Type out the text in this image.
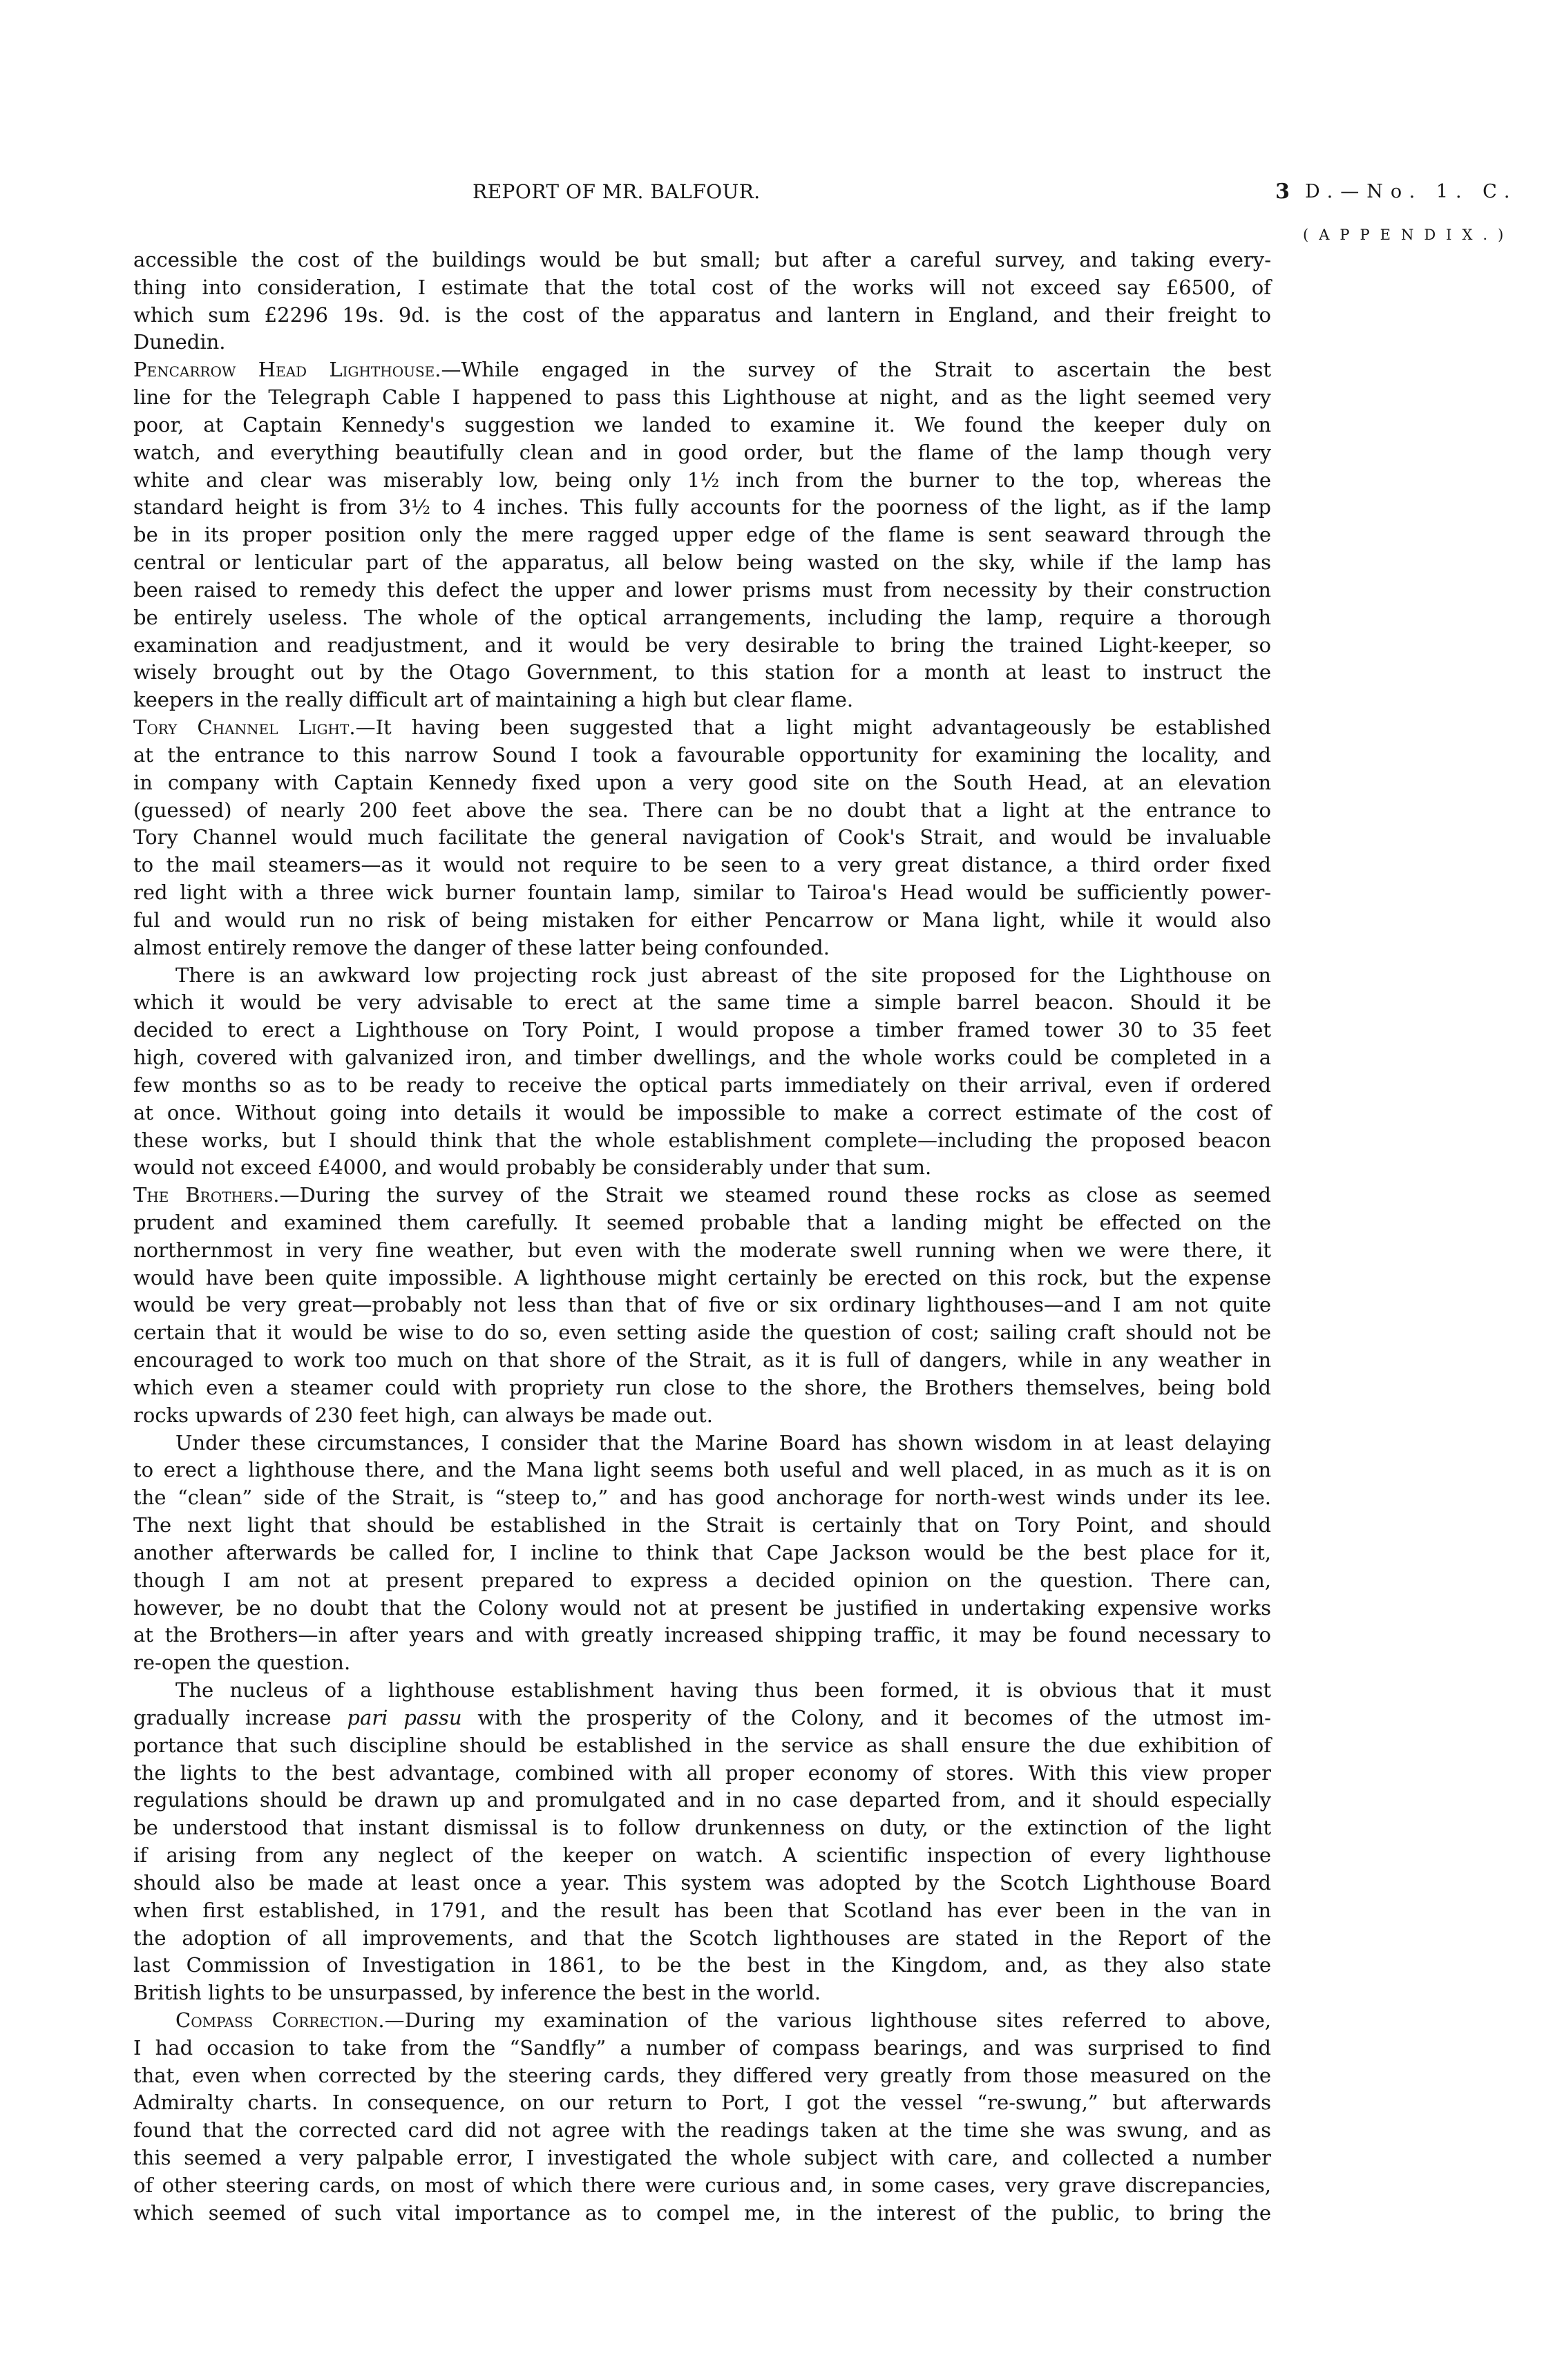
REPORT OF MR. BALFOUR.	3 D.—No. 1. C.
(APPENDIX.)
accessible the cost of the buildings would be but small; but after a careful survey, and taking every-
thing into consideration, I estimate that the total cost of the works will not exceed say £6500, of
which sum £2296 19s. 9d. is the cost of the apparatus and lantern in England, and their freight to
Dunedin.
Pencarrow Head Lighthouse.—While engaged in the survey of the Strait to ascertain the best
line for the Telegraph Cable I happened to pass this Lighthouse at night, and as the light seemed very
poor, at Captain Kennedy's suggestion we landed to examine it. We found the keeper duly on
watch, and everything beautifully clean and in good order, but the flame of the lamp though very
white and clear was miserably low, being only 1½ inch from the burner to the top, whereas the
standard height is from 3½ to 4 inches. This fully accounts for the poorness of the light, as if the lamp
be in its proper position only the mere ragged upper edge of the flame is sent seaward through the
central or lenticular part of the apparatus, all below being wasted on the sky, while if the lamp has
been raised to remedy this defect the upper and lower prisms must from necessity by their construction
be entirely useless. The whole of the optical arrangements, including the lamp, require a thorough
examination and readjustment, and it would be very desirable to bring the trained Light-keeper, so
wisely brought out by the Otago Government, to this station for a month at least to instruct the
keepers in the really difficult art of maintaining a high but clear flame.
Tory Channel Light.—It having been suggested that a light might advantageously be established
at the entrance to this narrow Sound I took a favourable opportunity for examining the locality, and
in company with Captain Kennedy fixed upon a very good site on the South Head, at an elevation
(guessed) of nearly 200 feet above the sea. There can be no doubt that a light at the entrance to
Tory Channel would much facilitate the general navigation of Cook's Strait, and would be invaluable
to the mail steamers—as it would not require to be seen to a very great distance, a third order fixed
red light with a three wick burner fountain lamp, similar to Tairoa's Head would be sufficiently power-
ful and would run no risk of being mistaken for either Pencarrow or Mana light, while it would also
almost entirely remove the danger of these latter being confounded.
There is an awkward low projecting rock just abreast of the site proposed for the Lighthouse on
which it would be very advisable to erect at the same time a simple barrel beacon. Should it be
decided to erect a Lighthouse on Tory Point, I would propose a timber framed tower 30 to 35 feet
high, covered with galvanized iron, and timber dwellings, and the whole works could be completed in a
few months so as to be ready to receive the optical parts immediately on their arrival, even if ordered
at once. Without going into details it would be impossible to make a correct estimate of the cost of
these works, but I should think that the whole establishment complete—including the proposed beacon
would not exceed £4000, and would probably be considerably under that sum.
The Brothers.—During the survey of the Strait we steamed round these rocks as close as seemed
prudent and examined them carefully. It seemed probable that a landing might be effected on the
northernmost in very fine weather, but even with the moderate swell running when we were there, it
would have been quite impossible. A lighthouse might certainly be erected on this rock, but the expense
would be very great—probably not less than that of five or six ordinary lighthouses—and I am not quite
certain that it would be wise to do so, even setting aside the question of cost; sailing craft should not be
encouraged to work too much on that shore of the Strait, as it is full of dangers, while in any weather in
which even a steamer could with propriety run close to the shore, the Brothers themselves, being bold
rocks upwards of 230 feet high, can always be made out.
Under these circumstances, I consider that the Marine Board has shown wisdom in at least delaying
to erect a lighthouse there, and the Mana light seems both useful and well placed, in as much as it is on
the “clean” side of the Strait, is “steep to,” and has good anchorage for north-west winds under its lee.
The next light that should be established in the Strait is certainly that on Tory Point, and should
another afterwards be called for, I incline to think that Cape Jackson would be the best place for it,
though I am not at present prepared to express a decided opinion on the question. There can,
however, be no doubt that the Colony would not at present be justified in undertaking expensive works
at the Brothers—in after years and with greatly increased shipping traffic, it may be found necessary to
re-open the question.
The nucleus of a lighthouse establishment having thus been formed, it is obvious that it must
gradually increase pari passu with the prosperity of the Colony, and it becomes of the utmost im-
portance that such discipline should be established in the service as shall ensure the due exhibition of
the lights to the best advantage, combined with all proper economy of stores. With this view proper
regulations should be drawn up and promulgated and in no case departed from, and it should especially
be understood that instant dismissal is to follow drunkenness on duty, or the extinction of the light
if arising from any neglect of the keeper on watch. A scientific inspection of every lighthouse
should also be made at least once a year. This system was adopted by the Scotch Lighthouse Board
when first established, in 1791, and the result has been that Scotland has ever been in the van in
the adoption of all improvements, and that the Scotch lighthouses are stated in the Report of the
last Commission of Investigation in 1861, to be the best in the Kingdom, and, as they also state
British lights to be unsurpassed, by inference the best in the world.
Compass Correction.—During my examination of the various lighthouse sites referred to above,
I had occasion to take from the “Sandfly” a number of compass bearings, and was surprised to find
that, even when corrected by the steering cards, they differed very greatly from those measured on the
Admiralty charts. In consequence, on our return to Port, I got the vessel “re-swung,” but afterwards
found that the corrected card did not agree with the readings taken at the time she was swung, and as
this seemed a very palpable error, I investigated the whole subject with care, and collected a number
of other steering cards, on most of which there were curious and, in some cases, very grave discrepancies,
which seemed of such vital importance as to compel me, in the interest of the public, to bring the
